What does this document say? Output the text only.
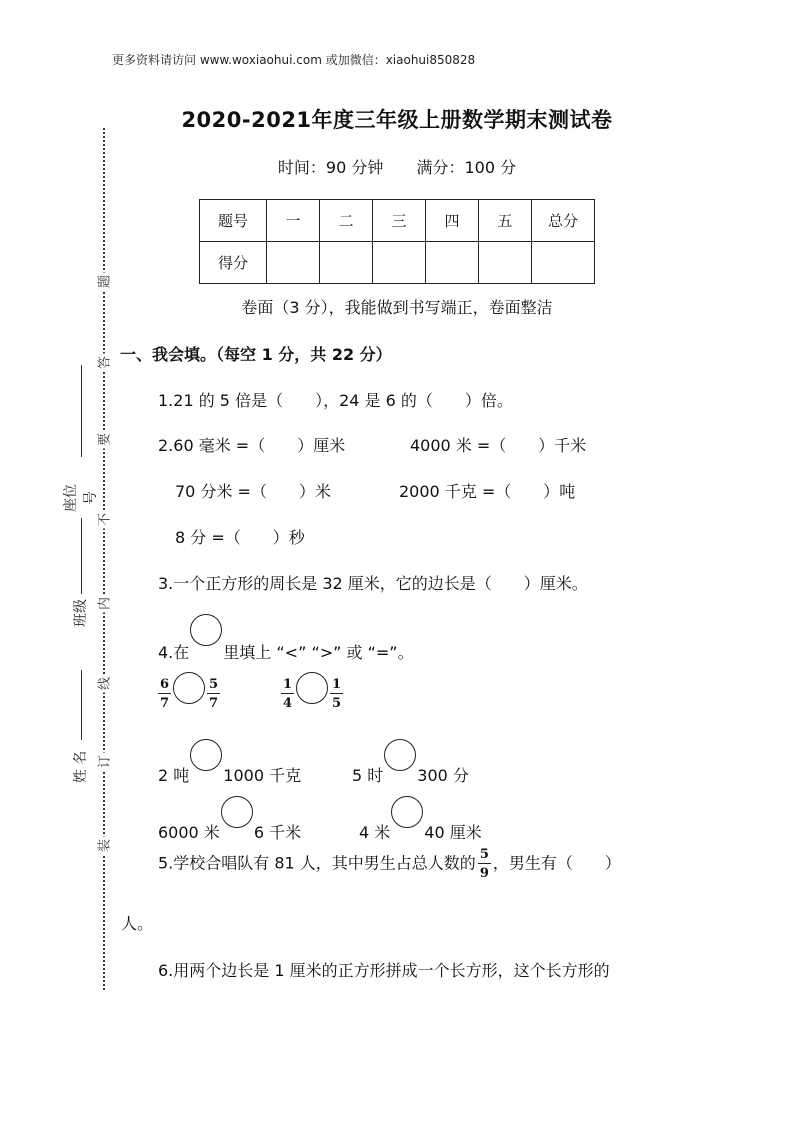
装
订
线
内
不
要
答
题
姓 名
班级
座位号
更多资料请访问 www.woxiaohui.com 或加微信：xiaohui850828
2020-2021年度三年级上册数学期末测试卷
时间：90 分钟 满分：100 分
题号	一	二	三	四	五	总分
得分						
卷面（3 分），我能做到书写端正，卷面整洁
一、我会填。（每空 1 分，共 22 分）
1.21 的 5 倍是（　　），24 是 6 的（　　）倍。
2.60 毫米 =（　　）厘米	4000 米 =（　　）千米
70 分米 =（　　）米	2000 千克 =（　　）吨
8 分 =（　　）秒
3.一个正方形的周长是 32 厘米，它的边长是（　　）厘米。
4.在 里填上 “<” “>” 或 “=”。
$\frac{6}{7}$	$\frac{5}{7}$	$\frac{1}{4}$	$\frac{1}{5}$
2 吨 1000 千克	5 时 300 分
6000 米 6 千米	4 米 40 厘米
5.学校合唱队有 81 人，其中男生占总人数的 $\frac{5}{9}$ ，男生有（　　）
人。
6.用两个边长是 1 厘米的正方形拼成一个长方形，这个长方形的
